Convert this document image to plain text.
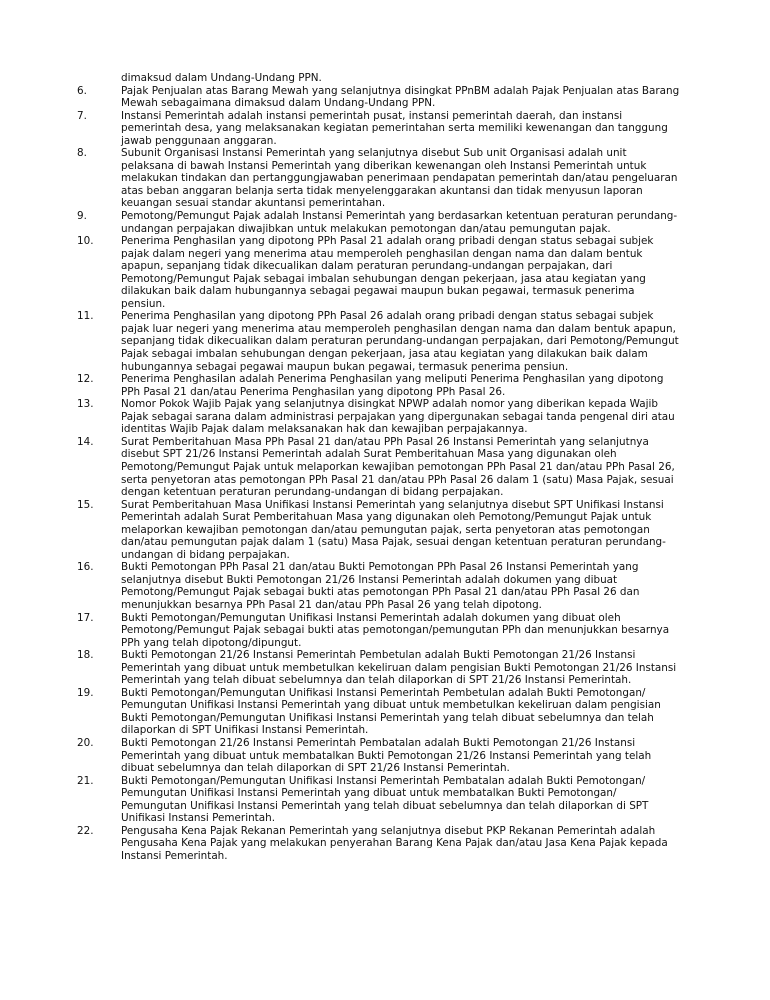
dimaksud dalam Undang-Undang PPN.
6.	Pajak Penjualan atas Barang Mewah yang selanjutnya disingkat PPnBM adalah Pajak Penjualan atas Barang Mewah sebagaimana dimaksud dalam Undang-Undang PPN.
7.	Instansi Pemerintah adalah instansi pemerintah pusat, instansi pemerintah daerah, dan instansi pemerintah desa, yang melaksanakan kegiatan pemerintahan serta memiliki kewenangan dan tanggung jawab penggunaan anggaran.
8.	Subunit Organisasi Instansi Pemerintah yang selanjutnya disebut Sub unit Organisasi adalah unit pelaksana di bawah Instansi Pemerintah yang diberikan kewenangan oleh Instansi Pemerintah untuk melakukan tindakan dan pertanggungjawaban penerimaan pendapatan pemerintah dan/atau pengeluaran atas beban anggaran belanja serta tidak menyelenggarakan akuntansi dan tidak menyusun laporan keuangan sesuai standar akuntansi pemerintahan.
9.	Pemotong/Pemungut Pajak adalah Instansi Pemerintah yang berdasarkan ketentuan peraturan perundang-undangan perpajakan diwajibkan untuk melakukan pemotongan dan/atau pemungutan pajak.
10.	Penerima Penghasilan yang dipotong PPh Pasal 21 adalah orang pribadi dengan status sebagai subjek pajak dalam negeri yang menerima atau memperoleh penghasilan dengan nama dan dalam bentuk apapun, sepanjang tidak dikecualikan dalam peraturan perundang-undangan perpajakan, dari Pemotong/Pemungut Pajak sebagai imbalan sehubungan dengan pekerjaan, jasa atau kegiatan yang dilakukan baik dalam hubungannya sebagai pegawai maupun bukan pegawai, termasuk penerima pensiun.
11.	Penerima Penghasilan yang dipotong PPh Pasal 26 adalah orang pribadi dengan status sebagai subjek pajak luar negeri yang menerima atau memperoleh penghasilan dengan nama dan dalam bentuk apapun, sepanjang tidak dikecualikan dalam peraturan perundang-undangan perpajakan, dari Pemotong/Pemungut Pajak sebagai imbalan sehubungan dengan pekerjaan, jasa atau kegiatan yang dilakukan baik dalam hubungannya sebagai pegawai maupun bukan pegawai, termasuk penerima pensiun.
12.	Penerima Penghasilan adalah Penerima Penghasilan yang meliputi Penerima Penghasilan yang dipotong PPh Pasal 21 dan/atau Penerima Penghasilan yang dipotong PPh Pasal 26.
13.	Nomor Pokok Wajib Pajak yang selanjutnya disingkat NPWP adalah nomor yang diberikan kepada Wajib Pajak sebagai sarana dalam administrasi perpajakan yang dipergunakan sebagai tanda pengenal diri atau identitas Wajib Pajak dalam melaksanakan hak dan kewajiban perpajakannya.
14.	Surat Pemberitahuan Masa PPh Pasal 21 dan/atau PPh Pasal 26 Instansi Pemerintah yang selanjutnya disebut SPT 21/26 Instansi Pemerintah adalah Surat Pemberitahuan Masa yang digunakan oleh Pemotong/Pemungut Pajak untuk melaporkan kewajiban pemotongan PPh Pasal 21 dan/atau PPh Pasal 26, serta penyetoran atas pemotongan PPh Pasal 21 dan/atau PPh Pasal 26 dalam 1 (satu) Masa Pajak, sesuai dengan ketentuan peraturan perundang-undangan di bidang perpajakan.
15.	Surat Pemberitahuan Masa Unifikasi Instansi Pemerintah yang selanjutnya disebut SPT Unifikasi Instansi Pemerintah adalah Surat Pemberitahuan Masa yang digunakan oleh Pemotong/Pemungut Pajak untuk melaporkan kewajiban pemotongan dan/atau pemungutan pajak, serta penyetoran atas pemotongan dan/atau pemungutan pajak dalam 1 (satu) Masa Pajak, sesuai dengan ketentuan peraturan perundang-undangan di bidang perpajakan.
16.	Bukti Pemotongan PPh Pasal 21 dan/atau Bukti Pemotongan PPh Pasal 26 Instansi Pemerintah yang selanjutnya disebut Bukti Pemotongan 21/26 Instansi Pemerintah adalah dokumen yang dibuat Pemotong/Pemungut Pajak sebagai bukti atas pemotongan PPh Pasal 21 dan/atau PPh Pasal 26 dan menunjukkan besarnya PPh Pasal 21 dan/atau PPh Pasal 26 yang telah dipotong.
17.	Bukti Pemotongan/Pemungutan Unifikasi Instansi Pemerintah adalah dokumen yang dibuat oleh Pemotong/Pemungut Pajak sebagai bukti atas pemotongan/pemungutan PPh dan menunjukkan besarnya PPh yang telah dipotong/dipungut.
18.	Bukti Pemotongan 21/26 Instansi Pemerintah Pembetulan adalah Bukti Pemotongan 21/26 Instansi Pemerintah yang dibuat untuk membetulkan kekeliruan dalam pengisian Bukti Pemotongan 21/26 Instansi Pemerintah yang telah dibuat sebelumnya dan telah dilaporkan di SPT 21/26 Instansi Pemerintah.
19.	Bukti Pemotongan/Pemungutan Unifikasi Instansi Pemerintah Pembetulan adalah Bukti Pemotongan/ Pemungutan Unifikasi Instansi Pemerintah yang dibuat untuk membetulkan kekeliruan dalam pengisian Bukti Pemotongan/Pemungutan Unifikasi Instansi Pemerintah yang telah dibuat sebelumnya dan telah dilaporkan di SPT Unifikasi Instansi Pemerintah.
20.	Bukti Pemotongan 21/26 Instansi Pemerintah Pembatalan adalah Bukti Pemotongan 21/26 Instansi Pemerintah yang dibuat untuk membatalkan Bukti Pemotongan 21/26 Instansi Pemerintah yang telah dibuat sebelumnya dan telah dilaporkan di SPT 21/26 Instansi Pemerintah.
21.	Bukti Pemotongan/Pemungutan Unifikasi Instansi Pemerintah Pembatalan adalah Bukti Pemotongan/ Pemungutan Unifikasi Instansi Pemerintah yang dibuat untuk membatalkan Bukti Pemotongan/ Pemungutan Unifikasi Instansi Pemerintah yang telah dibuat sebelumnya dan telah dilaporkan di SPT Unifikasi Instansi Pemerintah.
22.	Pengusaha Kena Pajak Rekanan Pemerintah yang selanjutnya disebut PKP Rekanan Pemerintah adalah Pengusaha Kena Pajak yang melakukan penyerahan Barang Kena Pajak dan/atau Jasa Kena Pajak kepada Instansi Pemerintah.
